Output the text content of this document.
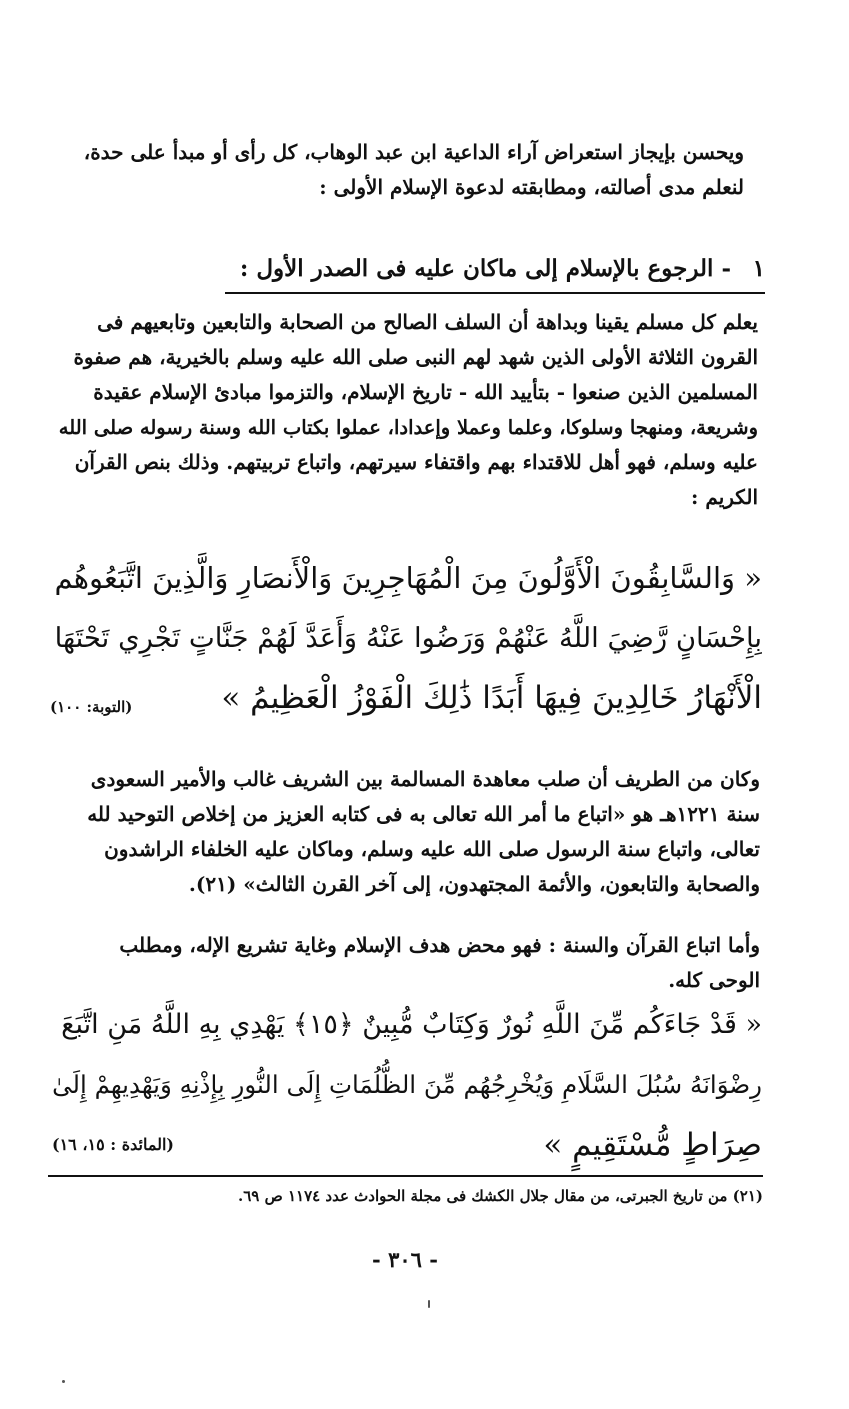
ويحسن بإيجاز استعراض آراء الداعية ابن عبد الوهاب، كل رأى أو مبدأ على حدة،
لنعلم مدى أصالته، ومطابقته لدعوة الإسلام الأولى :
١
- الرجوع بالإسلام إلى ماكان عليه فى الصدر الأول :
يعلم كل مسلم يقينا وبداهة أن السلف الصالح من الصحابة والتابعين وتابعيهم فى
القرون الثلاثة الأولى الذين شهد لهم النبى صلى الله عليه وسلم بالخيرية، هم صفوة
المسلمين الذين صنعوا - بتأييد الله - تاريخ الإسلام، والتزموا مبادئ الإسلام عقيدة
وشريعة، ومنهجا وسلوكا، وعلما وعملا وإعدادا، عملوا بكتاب الله وسنة رسوله صلى الله
عليه وسلم، فهو أهل للاقتداء بهم واقتفاء سيرتهم، واتباع تربيتهم. وذلك بنص القرآن
الكريم :
« وَالسَّابِقُونَ الْأَوَّلُونَ مِنَ الْمُهَاجِرِينَ وَالْأَنصَارِ وَالَّذِينَ اتَّبَعُوهُم
بِإِحْسَانٍ رَّضِيَ اللَّهُ عَنْهُمْ وَرَضُوا عَنْهُ وَأَعَدَّ لَهُمْ جَنَّاتٍ تَجْرِي تَحْتَهَا
الْأَنْهَارُ خَالِدِينَ فِيهَا أَبَدًا ذَٰلِكَ الْفَوْزُ الْعَظِيمُ »
(التوبة: ١٠٠)
وكان من الطريف أن صلب معاهدة المسالمة بين الشريف غالب والأمير السعودى
سنة ١٢٢١هـ هو «اتباع ما أمر الله تعالى به فى كتابه العزيز من إخلاص التوحيد لله
تعالى، واتباع سنة الرسول صلى الله عليه وسلم، وماكان عليه الخلفاء الراشدون
والصحابة والتابعون، والأئمة المجتهدون، إلى آخر القرن الثالث» (٢١).
وأما اتباع القرآن والسنة : فهو محض هدف الإسلام وغاية تشريع الإله، ومطلب
الوحى كله.
« قَدْ جَاءَكُم مِّنَ اللَّهِ نُورٌ وَكِتَابٌ مُّبِينٌ ﴿١٥﴾ يَهْدِي بِهِ اللَّهُ مَنِ اتَّبَعَ
رِضْوَانَهُ سُبُلَ السَّلَامِ وَيُخْرِجُهُم مِّنَ الظُّلُمَاتِ إِلَى النُّورِ بِإِذْنِهِ وَيَهْدِيهِمْ إِلَىٰ
صِرَاطٍ مُّسْتَقِيمٍ »
(المائدة : ١٥، ١٦)
(٢١) من تاريخ الجبرتى، من مقال جلال الكشك فى مجلة الحوادث عدد ١١٧٤ ص ٦٩.
- ٣٠٦ -
